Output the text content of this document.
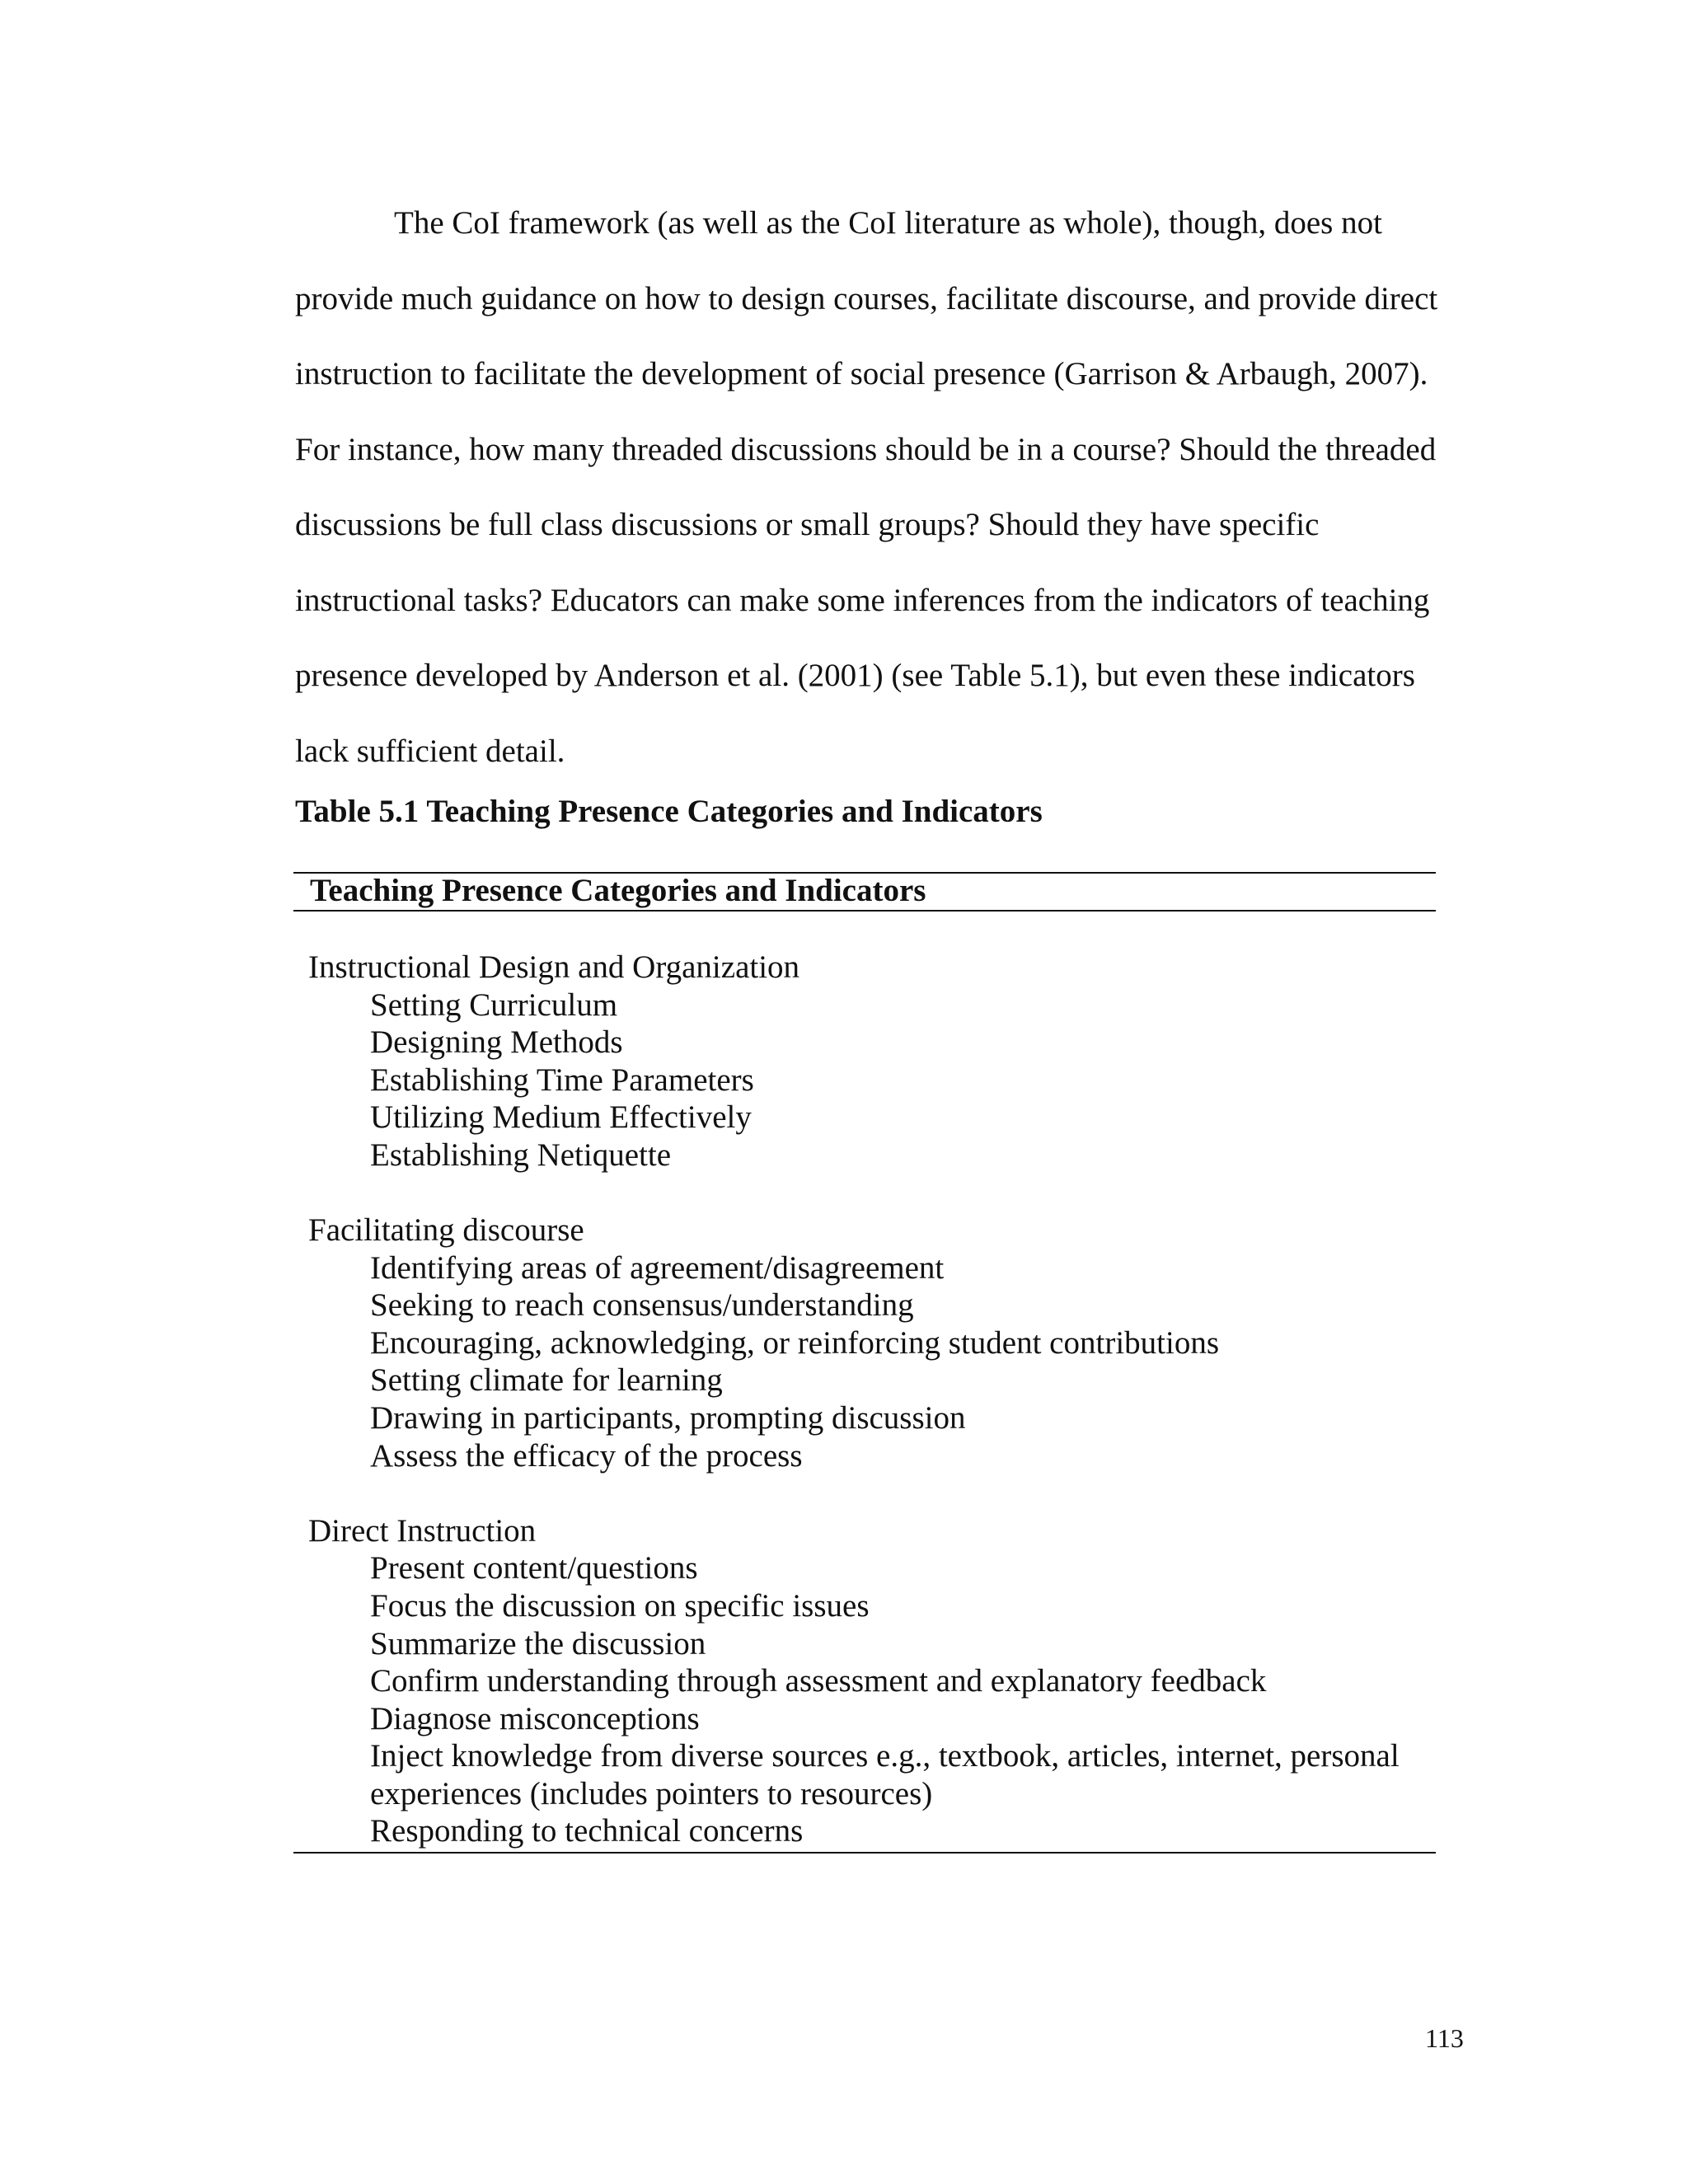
The CoI framework (as well as the CoI literature as whole), though, does not
provide much guidance on how to design courses, facilitate discourse, and provide direct
instruction to facilitate the development of social presence (Garrison & Arbaugh, 2007).
For instance, how many threaded discussions should be in a course? Should the threaded
discussions be full class discussions or small groups? Should they have specific
instructional tasks? Educators can make some inferences from the indicators of teaching
presence developed by Anderson et al. (2001) (see Table 5.1), but even these indicators
lack sufficient detail.
Table 5.1 Teaching Presence Categories and Indicators
Teaching Presence Categories and Indicators
Instructional Design and Organization
Setting Curriculum
Designing Methods
Establishing Time Parameters
Utilizing Medium Effectively
Establishing Netiquette
Facilitating discourse
Identifying areas of agreement/disagreement
Seeking to reach consensus/understanding
Encouraging, acknowledging, or reinforcing student contributions
Setting climate for learning
Drawing in participants, prompting discussion
Assess the efficacy of the process
Direct Instruction
Present content/questions
Focus the discussion on specific issues
Summarize the discussion
Confirm understanding through assessment and explanatory feedback
Diagnose misconceptions
Inject knowledge from diverse sources e.g., textbook, articles, internet, personal
experiences (includes pointers to resources)
Responding to technical concerns
113
